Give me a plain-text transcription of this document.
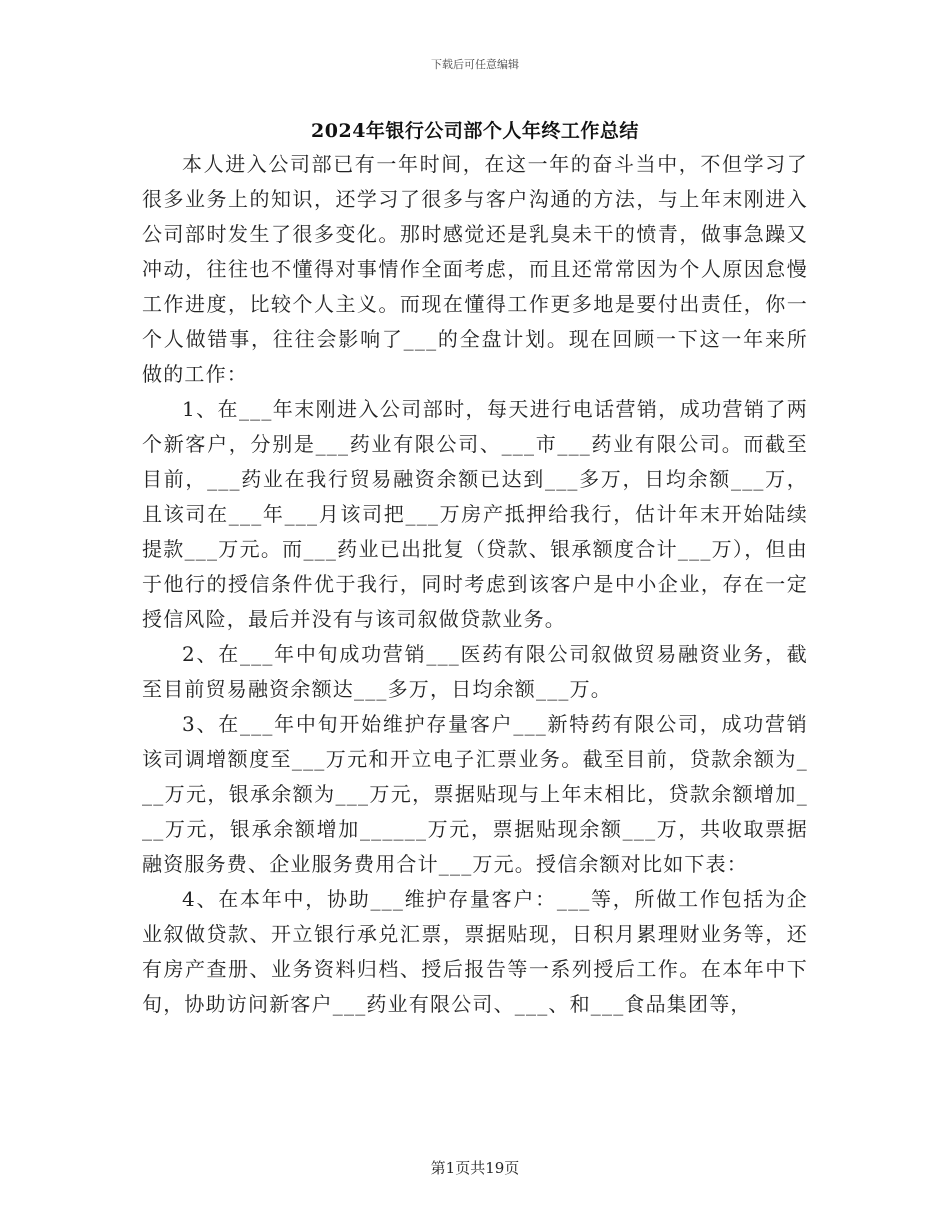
下载后可任意编辑
2024年银行公司部个人年终工作总结

本人进入公司部已有一年时间，在这一年的奋斗当中，不但学习了很多业务上的知识，还学习了很多与客户沟通的方法，与上年末刚进入公司部时发生了很多变化。那时感觉还是乳臭未干的愤青，做事急躁又冲动，往往也不懂得对事情作全面考虑，而且还常常因为个人原因怠慢工作进度，比较个人主义。而现在懂得工作更多地是要付出责任，你一个人做错事，往往会影响了___的全盘计划。现在回顾一下这一年来所做的工作：

1、在___年末刚进入公司部时，每天进行电话营销，成功营销了两个新客户，分别是___药业有限公司、___市___药业有限公司。而截至目前，___药业在我行贸易融资余额已达到___多万，日均余额___万，且该司在___年___月该司把___万房产抵押给我行，估计年末开始陆续提款___万元。而___药业已出批复（贷款、银承额度合计___万），但由于他行的授信条件优于我行，同时考虑到该客户是中小企业，存在一定授信风险，最后并没有与该司叙做贷款业务。

2、在___年中旬成功营销___医药有限公司叙做贸易融资业务，截至目前贸易融资余额达___多万，日均余额___万。

3、在___年中旬开始维护存量客户___新特药有限公司，成功营销该司调增额度至___万元和开立电子汇票业务。截至目前，贷款余额为___万元，银承余额为___万元，票据贴现与上年末相比，贷款余额增加___万元，银承余额增加______万元，票据贴现余额___万，共收取票据融资服务费、企业服务费用合计___万元。授信余额对比如下表：

4、在本年中，协助___维护存量客户：___等，所做工作包括为企业叙做贷款、开立银行承兑汇票，票据贴现，日积月累理财业务等，还有房产查册、业务资料归档、授后报告等一系列授后工作。在本年中下旬，协助访问新客户___药业有限公司、___、和___食品集团等，

第1页共19页
